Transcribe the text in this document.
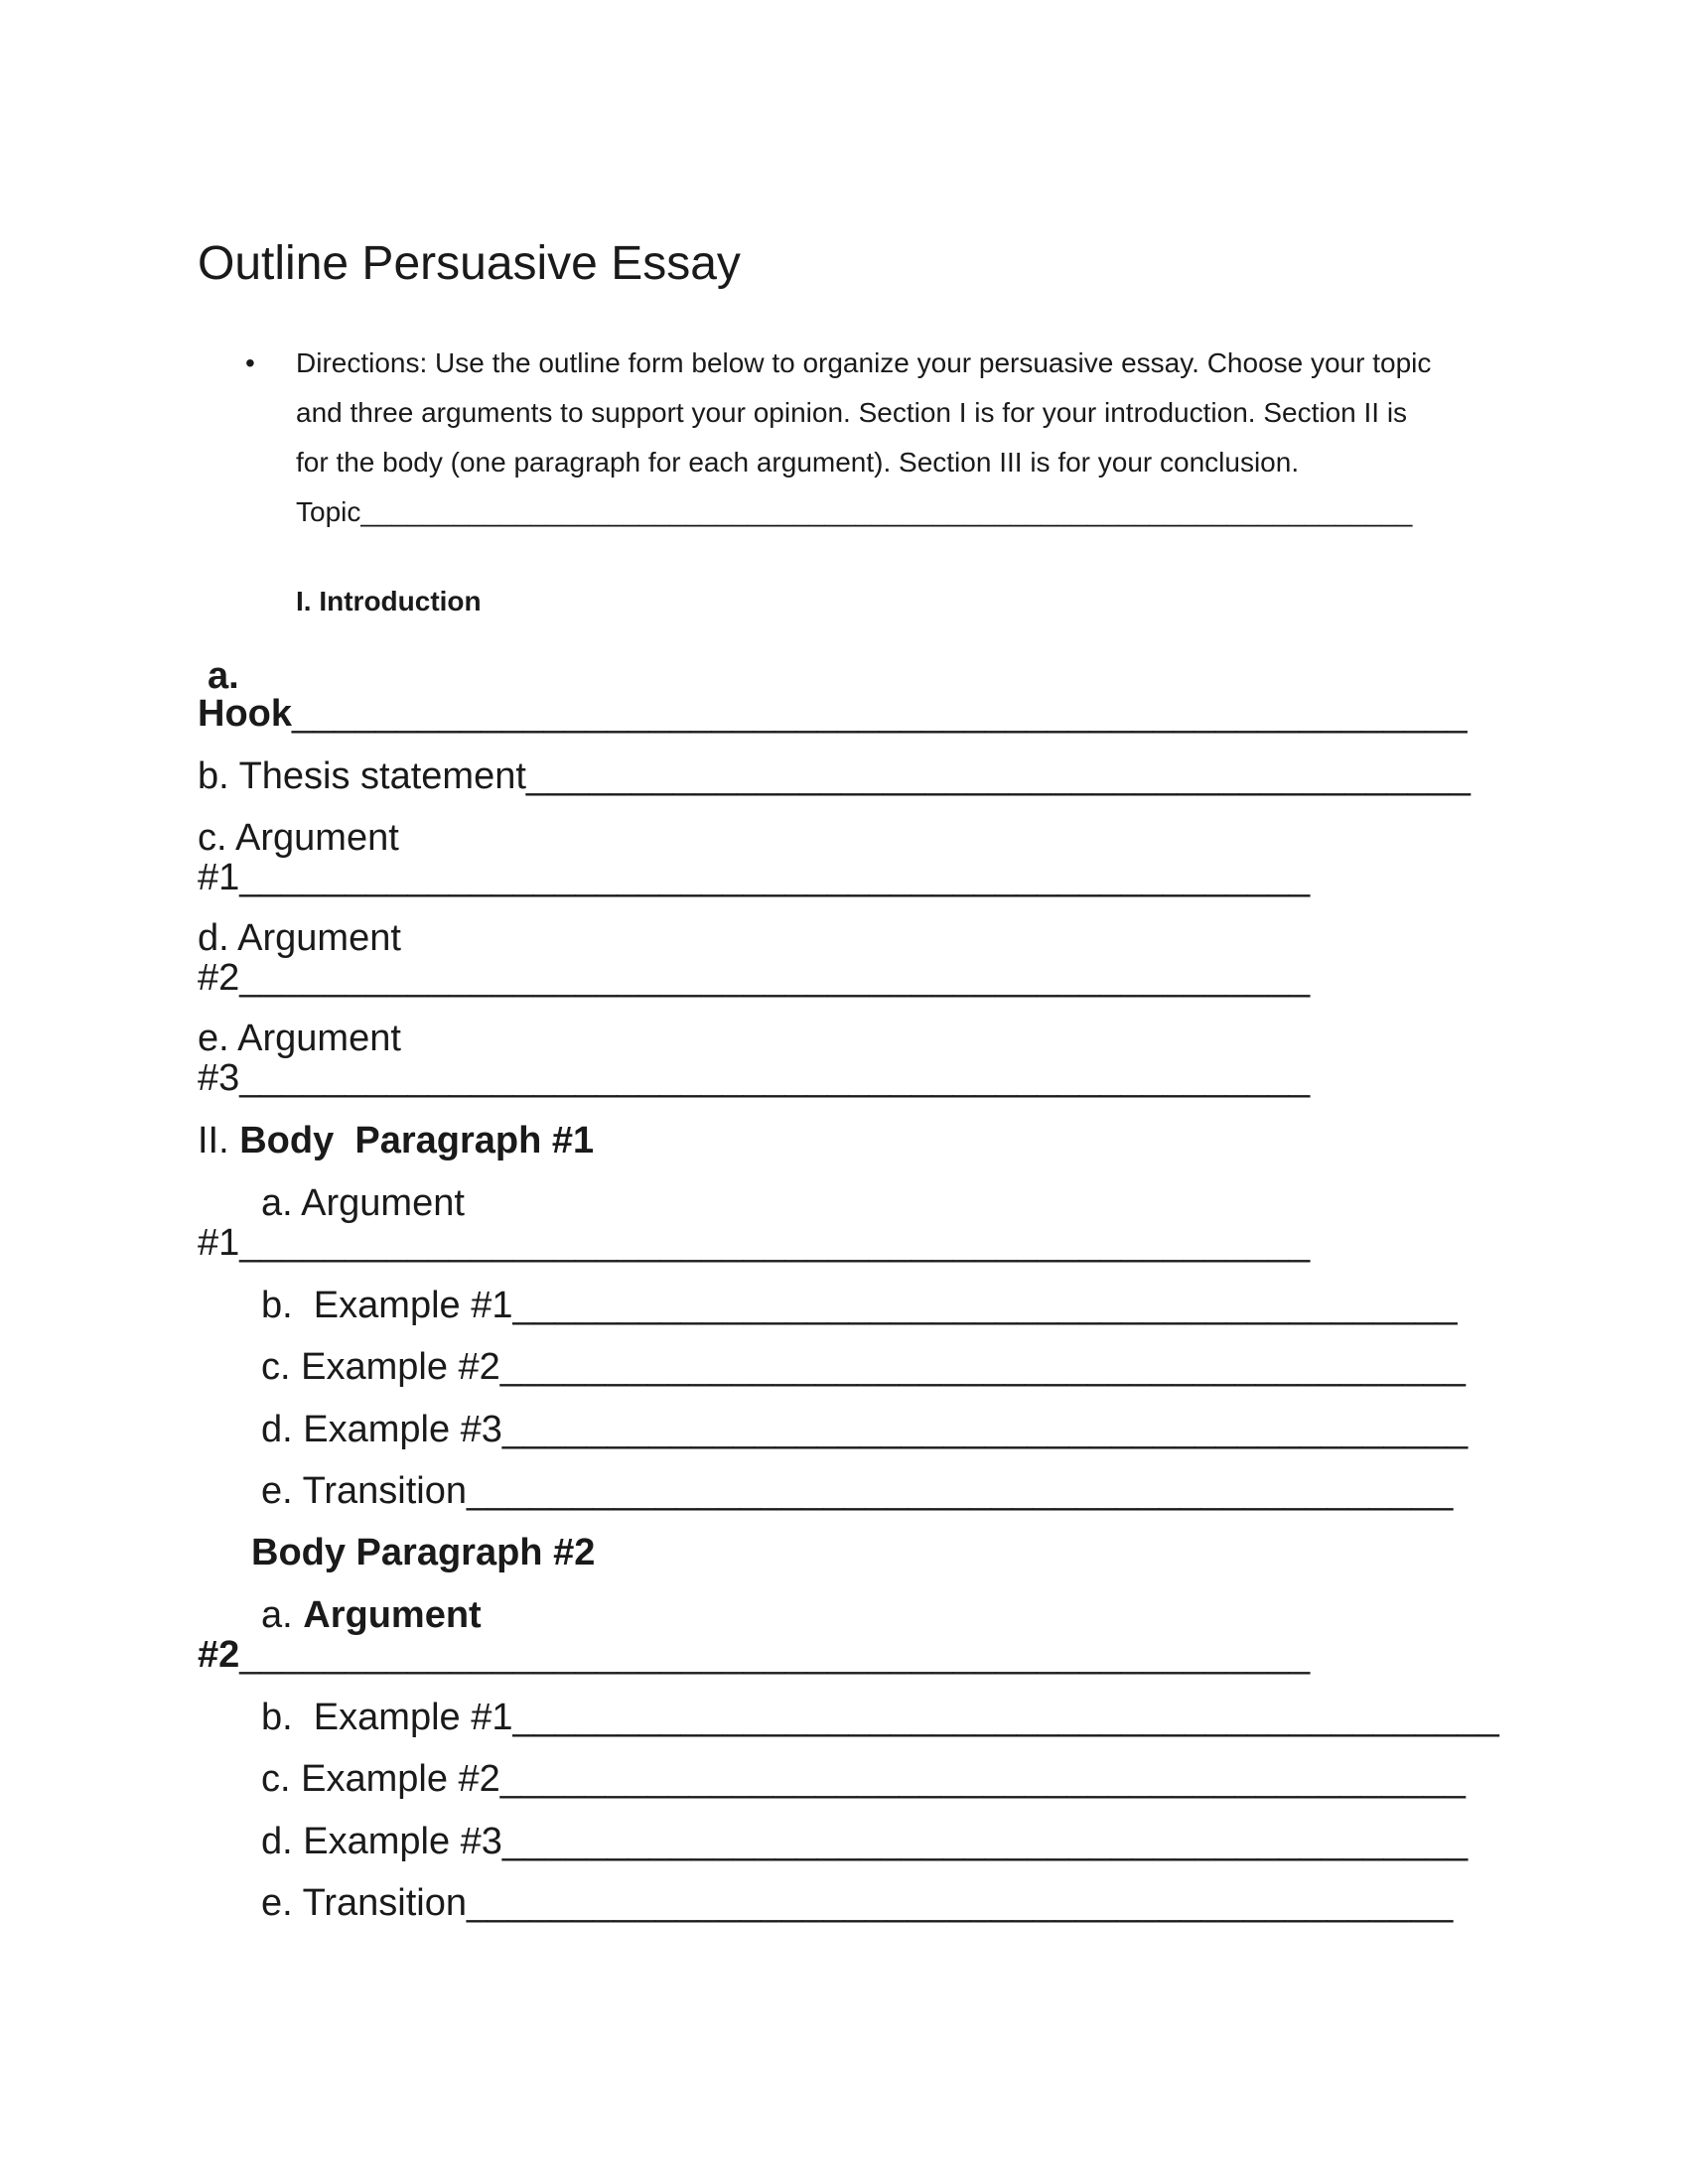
Outline Persuasive Essay
• Directions: Use the outline form below to organize your persuasive essay. Choose your topic
and three arguments to support your opinion. Section I is for your introduction. Section II is
for the body (one paragraph for each argument). Section III is for your conclusion.
Topic____________________________________________________________________
I. Introduction
a.
Hook________________________________________________________
b. Thesis statement_____________________________________________
c. Argument
#1___________________________________________________
d. Argument
#2___________________________________________________
e. Argument
#3___________________________________________________
II. Body  Paragraph #1
a. Argument
#1___________________________________________________
b.  Example #1_____________________________________________
c. Example #2______________________________________________
d. Example #3______________________________________________
e. Transition_______________________________________________
Body Paragraph #2
a. Argument
#2___________________________________________________
b.  Example #1_______________________________________________
c. Example #2______________________________________________
d. Example #3______________________________________________
e. Transition_______________________________________________
